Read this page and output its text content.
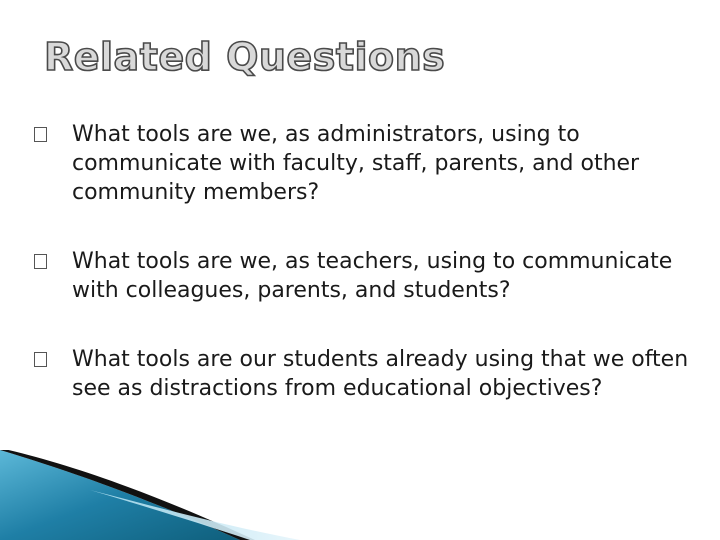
Related Questions
What tools are we, as administrators, using to communicate with faculty, staff, parents, and other community members?
What tools are we, as teachers, using to communicate with colleagues, parents, and students?
What tools are our students already using that we often see as distractions from educational objectives?
